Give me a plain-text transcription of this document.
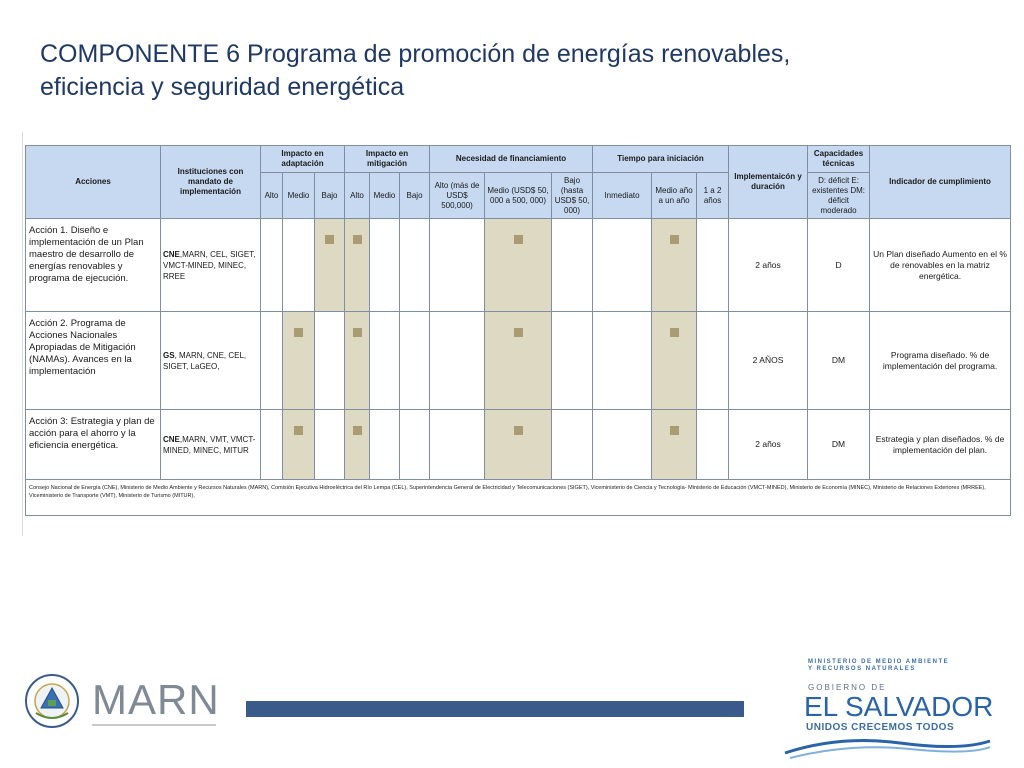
COMPONENTE 6 Programa de promoción de energías renovables,
eficiencia y seguridad energética
Acciones	Instituciones con mandato de implementación	Impacto en adaptación			Impacto en mitigación			Necesidad de financiamiento			Tiempo para iniciación			Implementaicón y duración	Capacidades técnicas	Indicador de cumplimiento
		Alto	Medio	Bajo	Alto	Medio	Bajo	Alto (más de USD$ 500,000)	Medio (USD$ 50, 000 a 500, 000)	Bajo (hasta USD$ 50, 000)	Inmediato	Medio año a un año	1 a 2 años		D: déficit E: existentes DM: déficit moderado	
Acción 1. Diseño e implementación de un Plan maestro de desarrollo de energías renovables y programa de ejecución.	CNE,MARN, CEL, SIGET, VMCT-MINED, MINEC, RREE													2 años	D	Un Plan diseñado Aumento en el % de renovables en la matriz energética.
Acción 2. Programa de Acciones Nacionales Apropiadas de Mitigación (NAMAs). Avances en la implementación	GS, MARN, CNE, CEL, SIGET, LaGEO,													2 AÑOS	DM	Programa diseñado. % de implementación del programa.
Acción 3: Estrategia y plan de acción para el ahorro y la eficiencia energética.	CNE,MARN, VMT, VMCT-MINED, MINEC, MITUR													2 años	DM	Estrategia y plan diseñados. % de implementación del plan.
Consejo Nacional de Energía (CNE), Ministerio de Medio Ambiente y Recursos Naturales (MARN), Comisión Ejecutiva Hidroeléctrica del Río Lempa (CEL), Superintendencia General de Electricidad y Telecomunicaciones (SIGET), Viceministerio de Ciencia y Tecnología- Ministerio de Educación (VMCT-MINED), Ministerio de Economía (MINEC), Ministerio de Relaciones Exteriores (MRREE), Viceministerio de Transporte (VMT), Ministerio de Turismo (MITUR),																
MARN
MINISTERIO DE MEDIO AMBIENTE
Y RECURSOS NATURALES
GOBIERNO DE
EL SALVADOR
UNIDOS CRECEMOS TODOS
